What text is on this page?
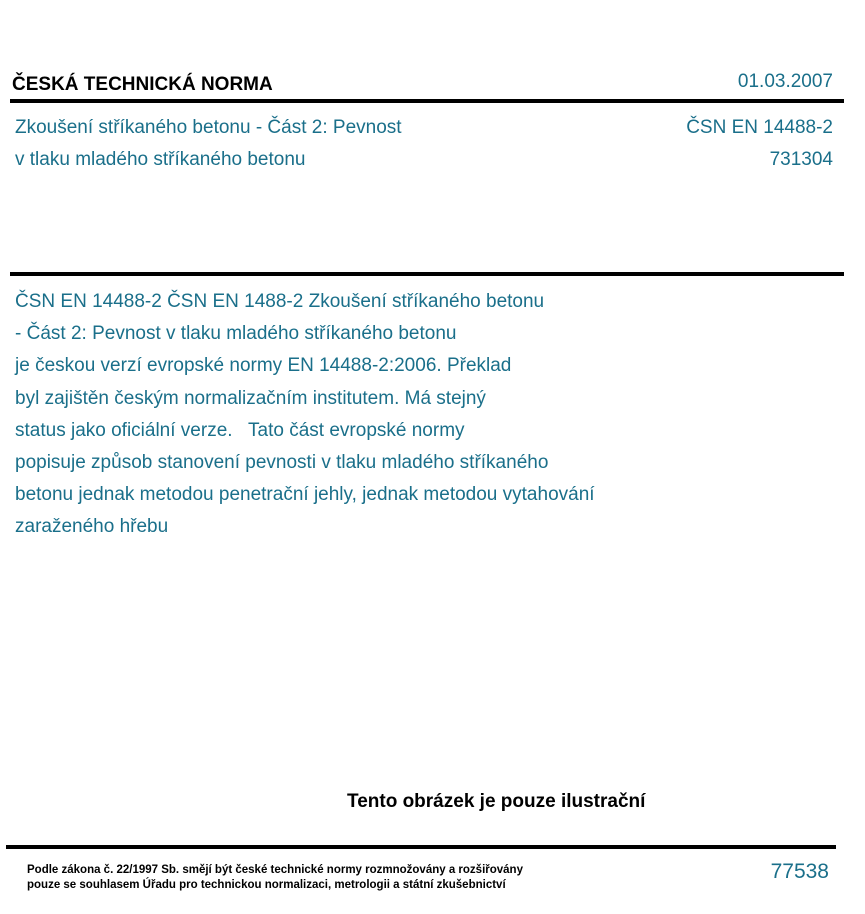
ČESKÁ TECHNICKÁ NORMA	01.03.2007
Zkoušení stříkaného betonu - Část 2: Pevnost
v tlaku mladého stříkaného betonu
ČSN EN 14488-2
731304
ČSN EN 14488-2 ČSN EN 1488-2 Zkoušení stříkaného betonu
- Část 2: Pevnost v tlaku mladého stříkaného betonu
je českou verzí evropské normy EN 14488-2:2006. Překlad
byl zajištěn českým normalizačním institutem. Má stejný
status jako oficiální verze.   Tato část evropské normy
popisuje způsob stanovení pevnosti v tlaku mladého stříkaného
betonu jednak metodou penetrační jehly, jednak metodou vytahování
zaraženého hřebu
Tento obrázek je pouze ilustrační
Podle zákona č. 22/1997 Sb. smějí být české technické normy rozmnožovány a rozšiřovány
pouze se souhlasem Úřadu pro technickou normalizaci, metrologii a státní zkušebnictví
77538
